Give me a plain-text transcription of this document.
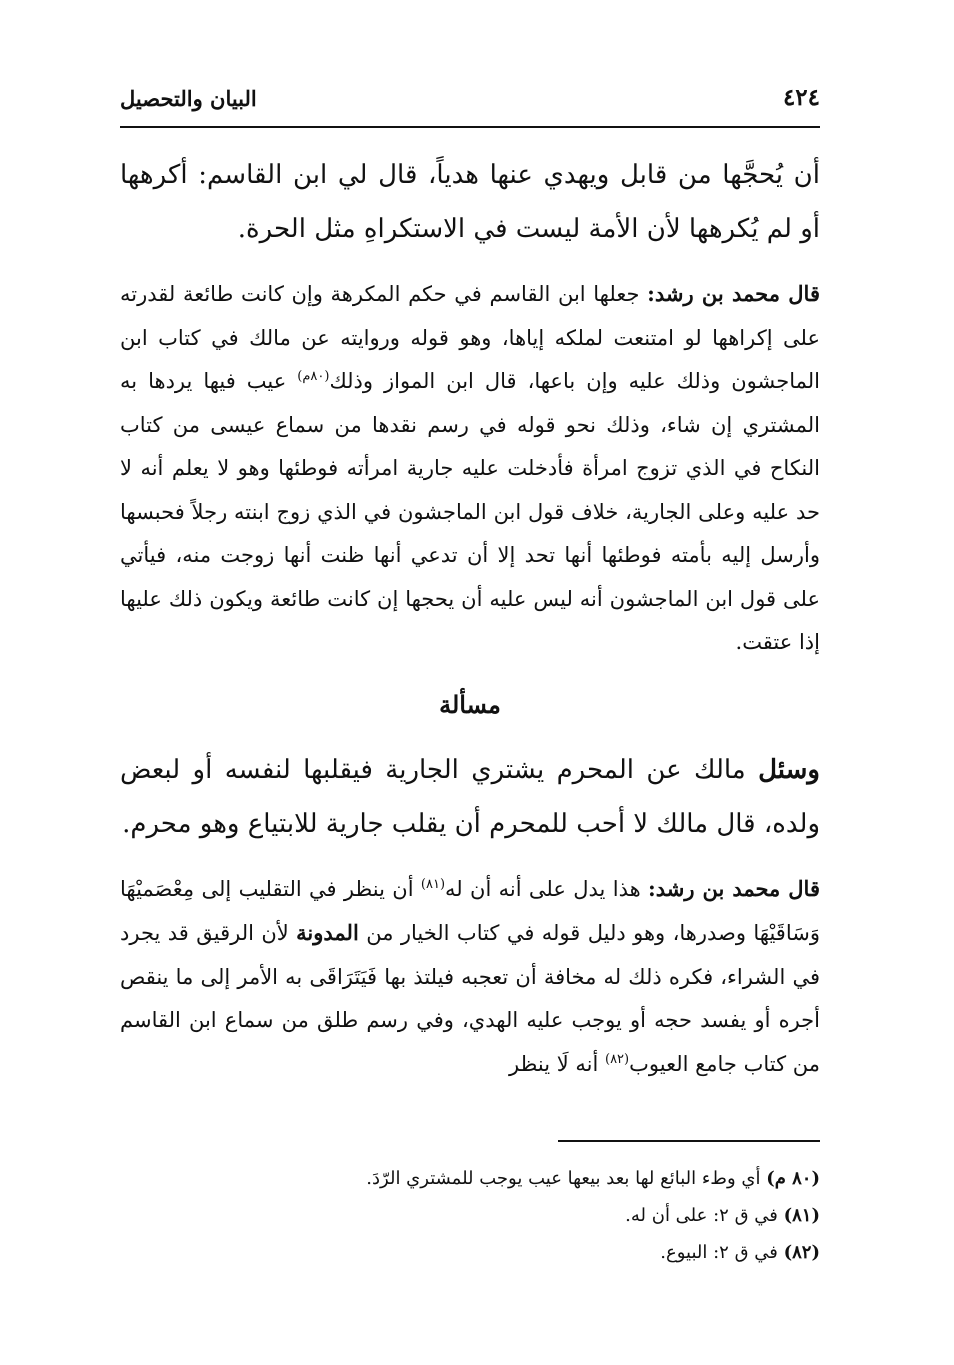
٤٢٤
البيان والتحصيل

أن يُحجَّها من قابل ويهدي عنها هدياً، قال لي ابن القاسم: أكرهها أو لم يُكرهها لأن الأمة ليست في الاستكراهِ مثل الحرة.

قال محمد بن رشد: جعلها ابن القاسم في حكم المكرهة وإن كانت طائعة لقدرته على إكراهها لو امتنعت لملكه إياها، وهو قوله وروايته عن مالك في كتاب ابن الماجشون وذلك عليه وإن باعها، قال ابن المواز وذلك$^{(٨٠م)}$ عيب فيها يردها به المشتري إن شاء، وذلك نحو قوله في رسم نقدها من سماع عيسى من كتاب النكاح في الذي تزوج امرأة فأدخلت عليه جارية امرأته فوطئها وهو لا يعلم أنه لا حد عليه وعلى الجارية، خلاف قول ابن الماجشون في الذي زوج ابنته رجلاً فحبسها وأرسل إليه بأمته فوطئها أنها تحد إلا أن تدعي أنها ظنت أنها زوجت منه، فيأتي على قول ابن الماجشون أنه ليس عليه أن يحجها إن كانت طائعة ويكون ذلك عليها إذا عتقت.

مسألة

وسئل مالك عن المحرم يشتري الجارية فيقلبها لنفسه أو لبعض ولده، قال مالك لا أحب للمحرم أن يقلب جارية للابتياع وهو محرم.

قال محمد بن رشد: هذا يدل على أنه أن له$^{(٨١)}$ أن ينظر في التقليب إلى مِعْصَميْهَا وَسَاقَيْهَا وصدرها، وهو دليل قوله في كتاب الخيار من المدونة لأن الرقيق قد يجرد في الشراء، فكره ذلك له مخافة أن تعجبه فيلتذ بها فَيَتَرَاقَى به الأمر إلى ما ينقص أجره أو يفسد حجه أو يوجب عليه الهدي، وفي رسم طلق من سماع ابن القاسم من كتاب جامع العيوب$^{(٨٢)}$ أنه لَا ينظر

(٨٠ م) أي وطء البائع لها بعد بيعها عيب يوجب للمشتري الرّدَ.

(٨١) في ق ٢: على أن له.

(٨٢) في ق ٢: البيوع.
